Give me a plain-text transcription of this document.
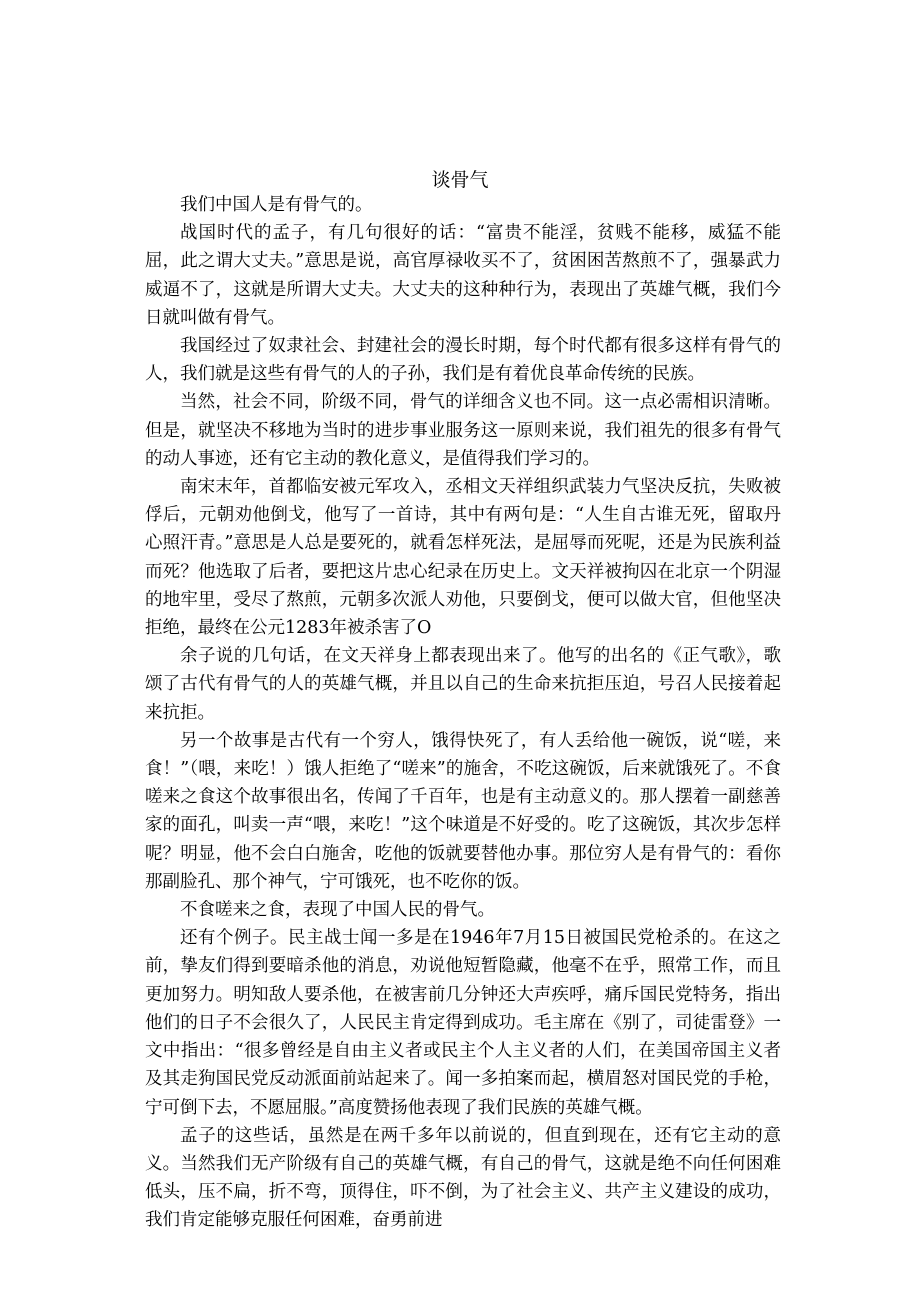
谈骨气

我们中国人是有骨气的。

战国时代的孟子，有几句很好的话：“富贵不能淫，贫贱不能移，威猛不能屈，此之谓大丈夫。”意思是说，高官厚禄收买不了，贫困困苦熬煎不了，强暴武力威逼不了，这就是所谓大丈夫。大丈夫的这种种行为，表现出了英雄气概，我们今日就叫做有骨气。

我国经过了奴隶社会、封建社会的漫长时期，每个时代都有很多这样有骨气的人，我们就是这些有骨气的人的子孙，我们是有着优良革命传统的民族。

当然，社会不同，阶级不同，骨气的详细含义也不同。这一点必需相识清晰。但是，就坚决不移地为当时的进步事业服务这一原则来说，我们祖先的很多有骨气的动人事迹，还有它主动的教化意义，是值得我们学习的。

南宋末年，首都临安被元军攻入，丞相文天祥组织武装力气坚决反抗，失败被俘后，元朝劝他倒戈，他写了一首诗，其中有两句是：“人生自古谁无死，留取丹心照汗青。”意思是人总是要死的，就看怎样死法，是屈辱而死呢，还是为民族利益而死？他选取了后者，要把这片忠心纪录在历史上。文天祥被拘囚在北京一个阴湿的地牢里，受尽了熬煎，元朝多次派人劝他，只要倒戈，便可以做大官，但他坚决拒绝，最终在公元1283年被杀害了O

余子说的几句话，在文天祥身上都表现出来了。他写的出名的《正气歌》，歌颂了古代有骨气的人的英雄气概，并且以自己的生命来抗拒压迫，号召人民接着起来抗拒。

另一个故事是古代有一个穷人，饿得快死了，有人丢给他一碗饭，说“嗟，来食！”（喂，来吃！）饿人拒绝了“嗟来”的施舍，不吃这碗饭，后来就饿死了。不食嗟来之食这个故事很出名，传闻了千百年，也是有主动意义的。那人摆着一副慈善家的面孔，叫卖一声“喂，来吃！”这个味道是不好受的。吃了这碗饭，其次步怎样呢？明显，他不会白白施舍，吃他的饭就要替他办事。那位穷人是有骨气的：看你那副脸孔、那个神气，宁可饿死，也不吃你的饭。

不食嗟来之食，表现了中国人民的骨气。

还有个例子。民主战士闻一多是在1946年7月15日被国民党枪杀的。在这之前，挚友们得到要暗杀他的消息，劝说他短暂隐藏，他毫不在乎，照常工作，而且更加努力。明知敌人要杀他，在被害前几分钟还大声疾呼，痛斥国民党特务，指出他们的日子不会很久了，人民民主肯定得到成功。毛主席在《别了，司徒雷登》一文中指出：“很多曾经是自由主义者或民主个人主义者的人们，在美国帝国主义者及其走狗国民党反动派面前站起来了。闻一多拍案而起，横眉怒对国民党的手枪，宁可倒下去，不愿屈服。”高度赞扬他表现了我们民族的英雄气概。

孟子的这些话，虽然是在两千多年以前说的，但直到现在，还有它主动的意义。当然我们无产阶级有自己的英雄气概，有自己的骨气，这就是绝不向任何困难低头，压不扁，折不弯，顶得住，吓不倒，为了社会主义、共产主义建设的成功，我们肯定能够克服任何困难，奋勇前进
